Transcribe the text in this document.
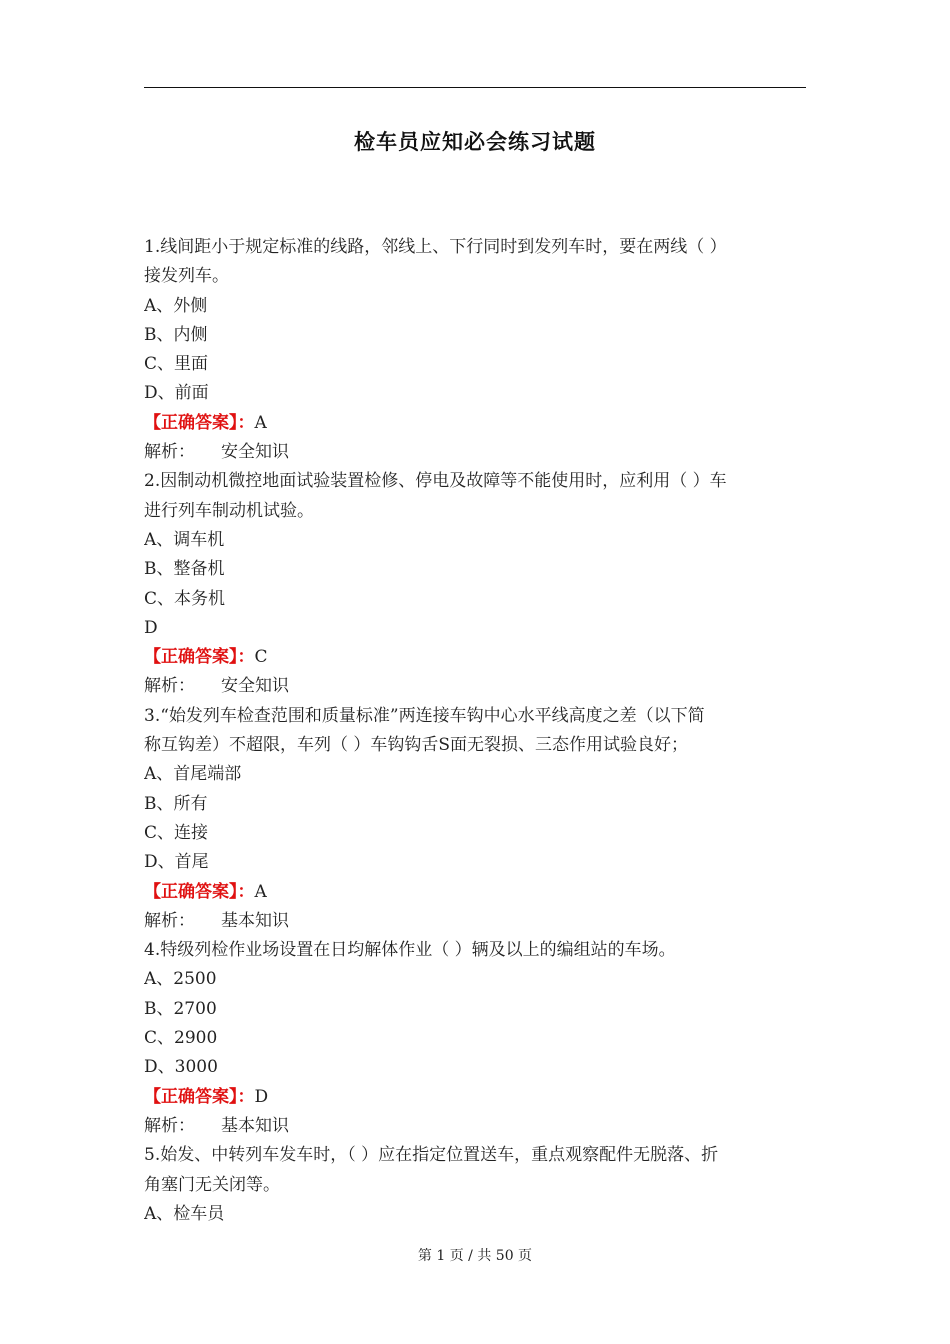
检车员应知必会练习试题
1.线间距小于规定标准的线路，邻线上、下行同时到发列车时，要在两线（ ）
接发列车。
A、外侧
B、内侧
C、里面
D、前面
【正确答案】：A
解析： 安全知识
2.因制动机微控地面试验装置检修、停电及故障等不能使用时，应利用（ ）车
进行列车制动机试验。
A、调车机
B、整备机
C、本务机
D
【正确答案】：C
解析： 安全知识
3.“始发列车检查范围和质量标准”两连接车钩中心水平线高度之差（以下简
称互钩差）不超限，车列（ ）车钩钩舌S面无裂损、三态作用试验良好；
A、首尾端部
B、所有
C、连接
D、首尾
【正确答案】：A
解析： 基本知识
4.特级列检作业场设置在日均解体作业（ ）辆及以上的编组站的车场。
A、2500
B、2700
C、2900
D、3000
【正确答案】：D
解析： 基本知识
5.始发、中转列车发车时，（ ）应在指定位置送车，重点观察配件无脱落、折
角塞门无关闭等。
A、检车员
第 1 页 / 共 50 页
